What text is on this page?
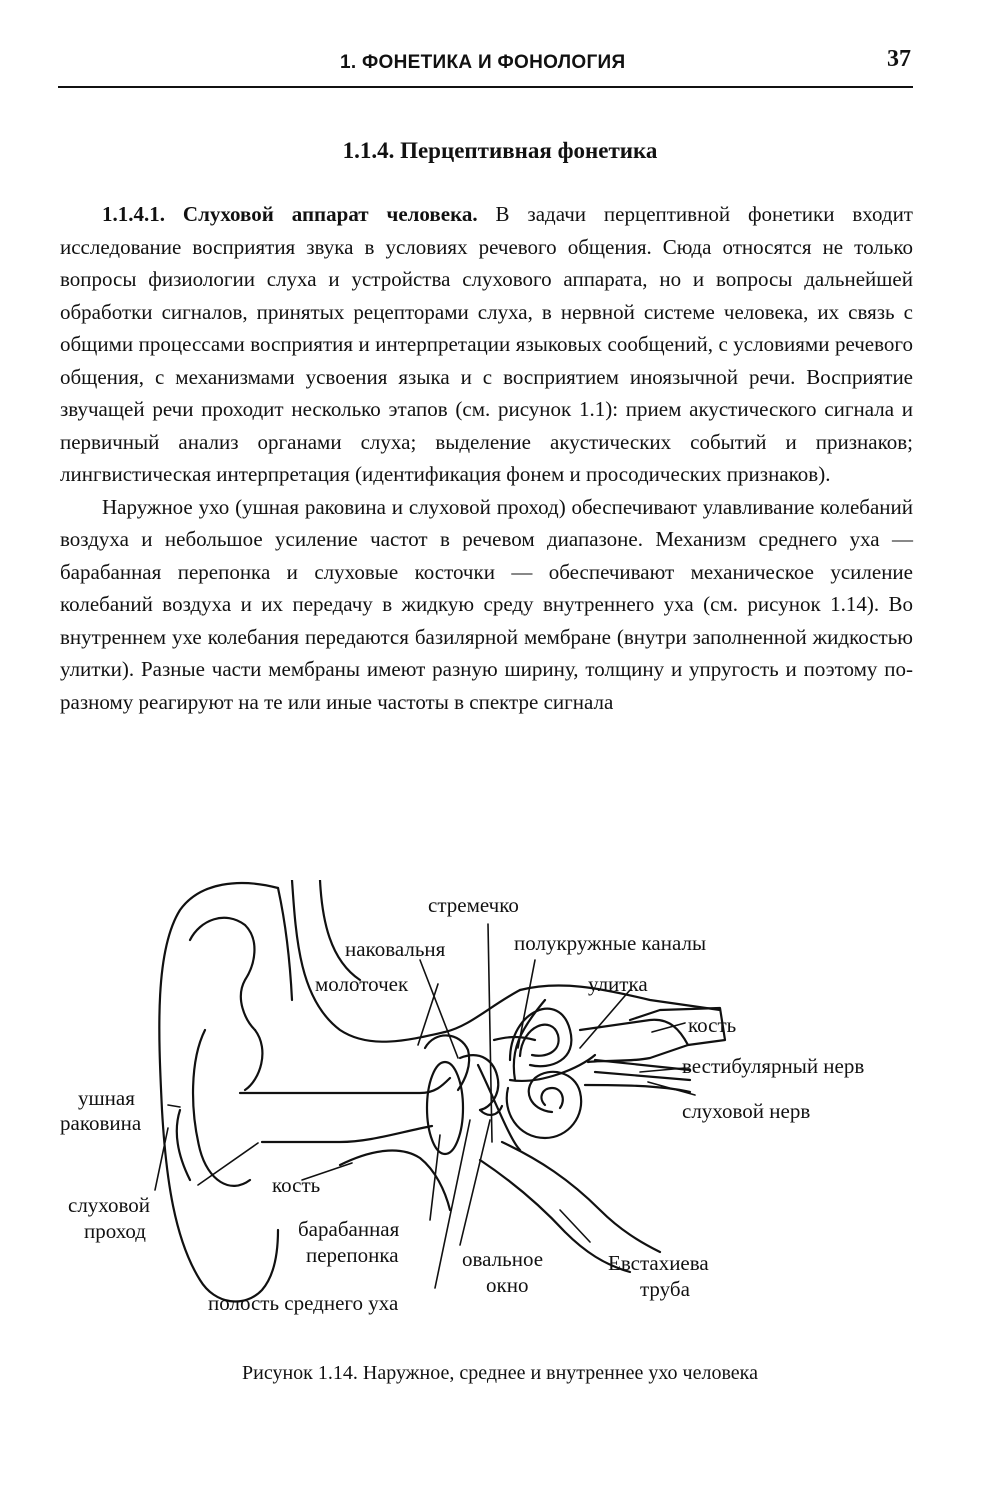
1. ФОНЕТИКА И ФОНОЛОГИЯ	37
1.1.4. Перцептивная фонетика

1.1.4.1. Слуховой аппарат человека. В задачи перцептивной фонетики входит исследование восприятия звука в условиях речевого общения. Сюда относятся не только вопросы физиологии слуха и устройства слухового аппарата, но и вопросы дальнейшей обработки сигналов, принятых рецепторами слуха, в нервной системе человека, их связь с общими процессами восприятия и интерпретации языковых сообщений, с условиями речевого общения, с механизмами усвоения языка и с восприятием иноязычной речи. Восприятие звучащей речи проходит несколько этапов (см. рисунок 1.1): прием акустического сигнала и первичный анализ органами слуха; выделение акустических событий и признаков; лингвистическая интерпретация (идентификация фонем и просодических признаков).

Наружное ухо (ушная раковина и слуховой проход) обеспечивают улавливание колебаний воздуха и небольшое усиление частот в речевом диапазоне. Механизм среднего уха — барабанная перепонка и слуховые косточки — обеспечивают механическое усиление колебаний воздуха и их передачу в жидкую среду внутреннего уха (см. рисунок 1.14). Во внутреннем ухе колебания передаются базилярной мембране (внутри заполненной жидкостью улитки). Разные части мембраны имеют разную ширину, толщину и упругость и поэтому по-разному реагируют на те или иные частоты в спектре сигнала

стремечко
наковальня	полукружные каналы
молоточек	улитка
кость
вестибулярный нерв
ушная
раковина	слуховой нерв
кость
слуховой
проход	барабанная
перепонка	овальное
окно
Евстахиева
труба
полость среднего уха
Рисунок 1.14. Наружное, среднее и внутреннее ухо человека
